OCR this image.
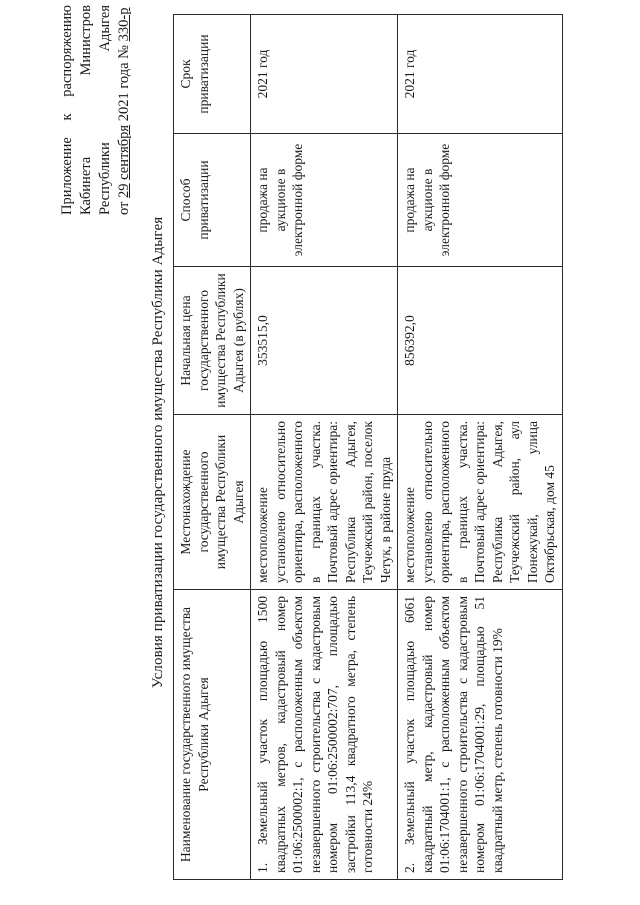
Приложение
к
распоряжению
Кабинета
Министров
Республики
Адыгея
от 29 сентября 2021 года № 330-р
Условия приватизации государственного имущества Республики Адыгея
Наименование государственного имущества Республики Адыгея	Местонахождение государственного имущества Республики Адыгея	Начальная цена государственного имущества Республики Адыгея (в рублях)	Способ приватизации	Срок приватизации
1. Земельный участок площадью 1500 квадратных метров, кадастровый номер 01:06:2500002:1, с расположенным объектом незавершенного строительства с кадастровым номером 01:06:2500002:707, площадью застройки 113,4 квадратного метра, степень готовности 24%	местоположение установлено относительно ориентира, расположенного в границах участка. Почтовый адрес ориентира: Республика Адыгея, Теучежский район, поселок Четук, в районе пруда	353515,0	продажа на аукционе в электронной форме	2021 год
2. Земельный участок площадью 6061 квадратный метр, кадастровый номер 01:06:1704001:1, с расположенным объектом незавершенного строительства с кадастровым номером 01:06:1704001:29, площадью 51 квадратный метр, степень готовности 19%	местоположение установлено относительно ориентира, расположенного в границах участка. Почтовый адрес ориентира: Республика Адыгея, Теучежский район, аул Понежукай, улица Октябрьская, дом 45	856392,0	продажа на аукционе в электронной форме	2021 год
